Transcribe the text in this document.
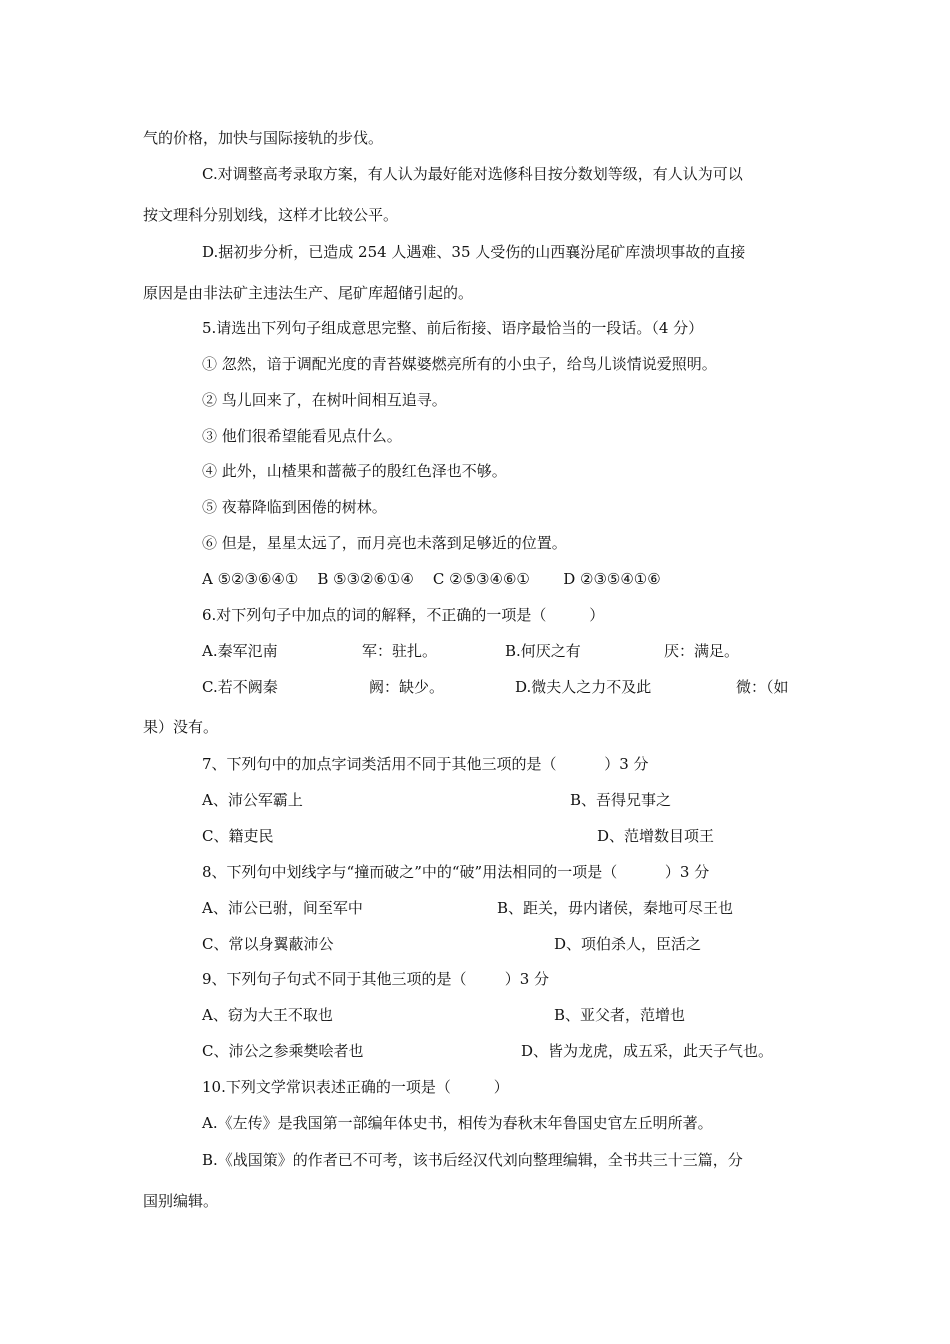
气的价格，加快与国际接轨的步伐。
C.对调整高考录取方案，有人认为最好能对选修科目按分数划等级，有人认为可以
按文理科分别划线，这样才比较公平。
D.据初步分析，已造成 254 人遇难、35 人受伤的山西襄汾尾矿库溃坝事故的直接
原因是由非法矿主违法生产、尾矿库超储引起的。
5.请选出下列句子组成意思完整、前后衔接、语序最恰当的一段话。（4 分）
① 忽然，谙于调配光度的青苔媒婆燃亮所有的小虫子，给鸟儿谈情说爱照明。
② 鸟儿回来了，在树叶间相互追寻。
③ 他们很希望能看见点什么。
④ 此外，山楂果和蔷薇子的殷红色泽也不够。
⑤ 夜幕降临到困倦的树林。
⑥ 但是，星星太远了，而月亮也未落到足够近的位置。
A ⑤②③⑥④①    B ⑤③②⑥①④    C ②⑤③④⑥①       D ②③⑤④①⑥
6.对下列句子中加点的词的解释，不正确的一项是（         ）
A.秦军氾南	军：驻扎。	B.何厌之有	厌：满足。
C.若不阙秦	阙：缺少。	D.微夫人之力不及此	微：（如
果）没有。
7、下列句中的加点字词类活用不同于其他三项的是（          ）3 分
A、沛公军霸上	B、吾得兄事之
C、籍吏民	D、范增数目项王
8、下列句中划线字与“撞而破之”中的“破”用法相同的一项是（          ）3 分
A、沛公已驸，间至军中	B、距关，毋内诸侯，秦地可尽王也
C、常以身翼蔽沛公	D、项伯杀人，臣活之
9、下列句子句式不同于其他三项的是（        ）3 分
A、窃为大王不取也	B、亚父者，范增也
C、沛公之参乘樊哙者也	D、皆为龙虎，成五采，此天子气也。
10.下列文学常识表述正确的一项是（         ）
A.《左传》是我国第一部编年体史书，相传为春秋末年鲁国史官左丘明所著。
B.《战国策》的作者已不可考，该书后经汉代刘向整理编辑，全书共三十三篇，分
国别编辑。
